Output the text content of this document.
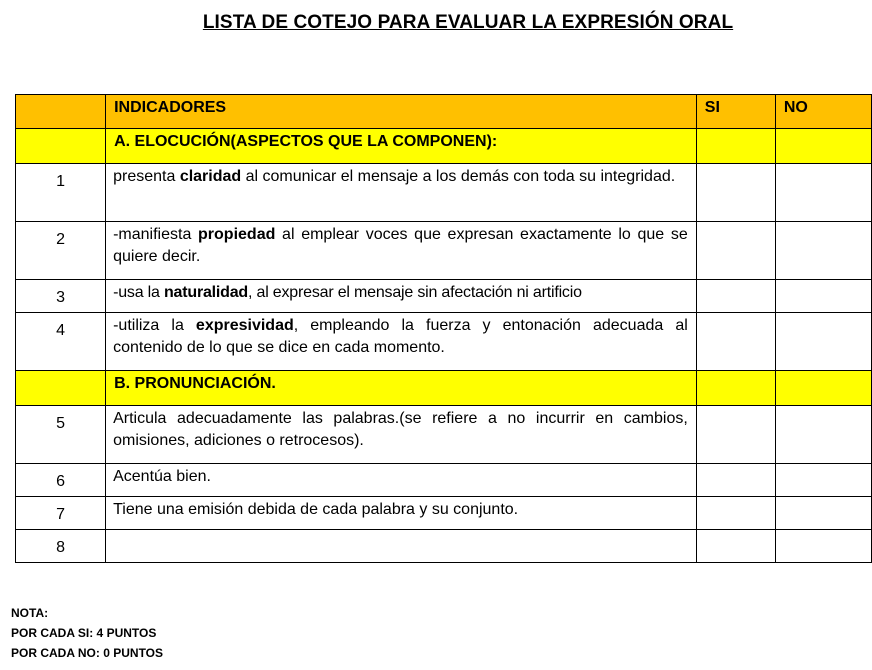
LISTA DE COTEJO PARA EVALUAR LA EXPRESIÓN ORAL

	INDICADORES	SI	NO

	A. ELOCUCIÓN(ASPECTOS QUE LA COMPONEN):		

1	presenta claridad al comunicar el mensaje a los demás con toda su integridad.		

2	-manifiesta propiedad al emplear voces que expresan exactamente lo que se quiere decir.		

3	-usa la naturalidad, al expresar el mensaje sin afectación ni artificio		

4	-utiliza la expresividad, empleando la fuerza y entonación adecuada al contenido de lo que se dice en cada momento.		

	B. PRONUNCIACIÓN.		

5	Articula adecuadamente las palabras.(se refiere a no incurrir en cambios, omisiones, adiciones o retrocesos).		

6	Acentúa bien.		

7	Tiene una emisión debida de cada palabra y su conjunto.		

8			

NOTA:
POR CADA SI: 4 PUNTOS
POR CADA NO: 0 PUNTOS
